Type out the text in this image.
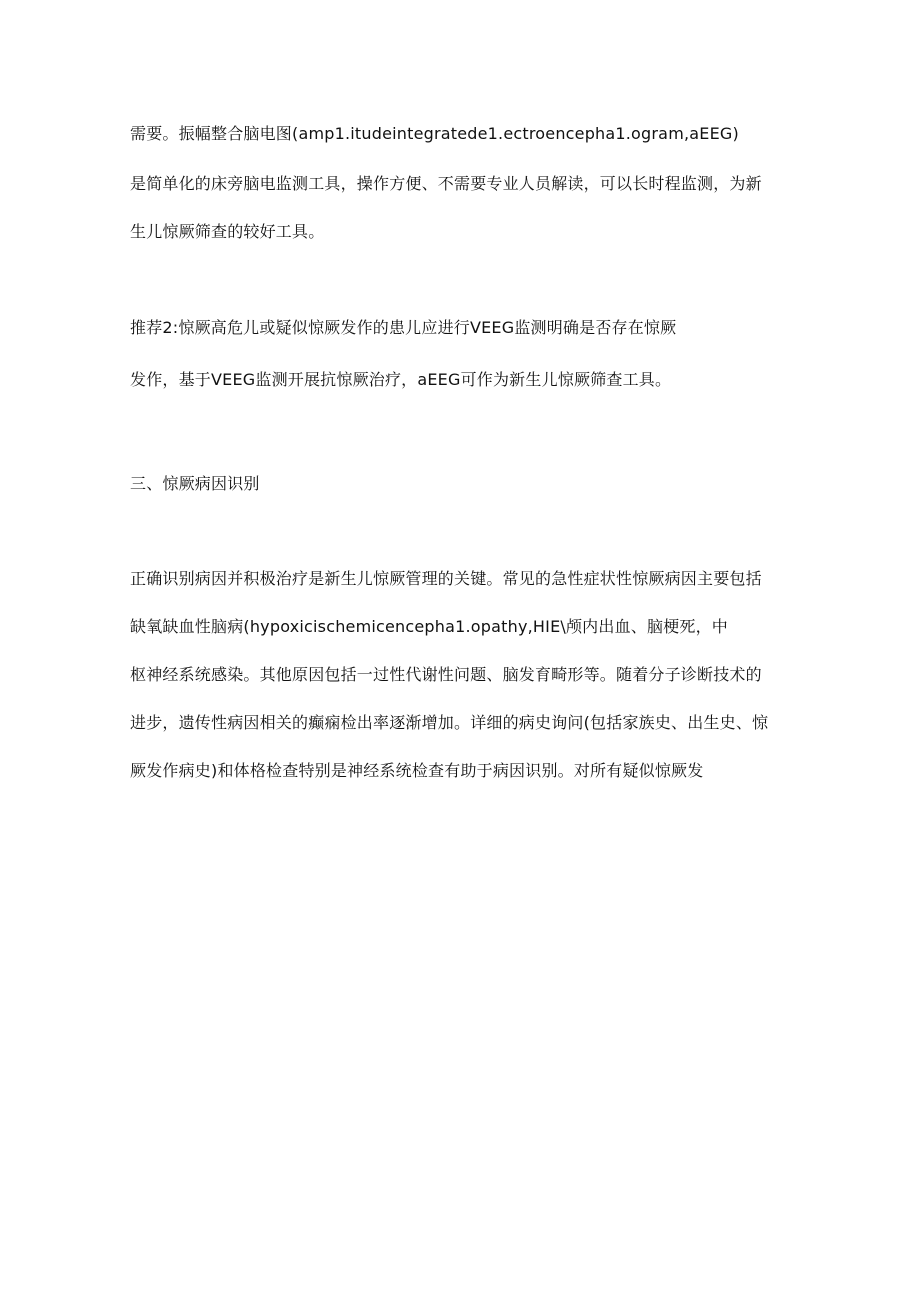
需要。振幅整合脑电图(amp1.itudeintegratede1.ectroencepha1.ogram,aEEG)
是简单化的床旁脑电监测工具，操作方便、不需要专业人员解读，可以长时程监测，为新
生儿惊厥筛查的较好工具。
推荐2:惊厥高危儿或疑似惊厥发作的患儿应进行VEEG监测明确是否存在惊厥
发作，基于VEEG监测开展抗惊厥治疗，aEEG可作为新生儿惊厥筛查工具。
三、惊厥病因识别
正确识别病因并积极治疗是新生儿惊厥管理的关键。常见的急性症状性惊厥病因主要包括
缺氧缺血性脑病(hypoxicischemicencepha1.opathy,HIE\颅内出血、脑梗死，中
枢神经系统感染。其他原因包括一过性代谢性问题、脑发育畸形等。随着分子诊断技术的
进步，遗传性病因相关的癫痫检出率逐渐增加。详细的病史询问(包括家族史、出生史、惊
厥发作病史)和体格检查特别是神经系统检查有助于病因识别。对所有疑似惊厥发
